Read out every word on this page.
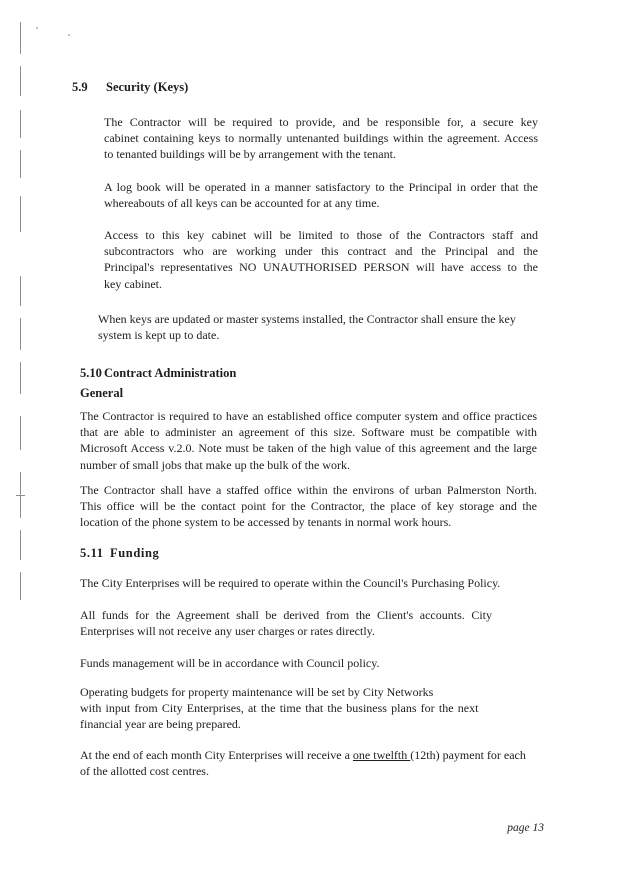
5.9 Security (Keys)
The Contractor will be required to provide, and be responsible for, a secure key
cabinet containing keys to normally untenanted buildings within the agreement. Access
to tenanted buildings will be by arrangement with the tenant.
A log book will be operated in a manner satisfactory to the Principal in order that the
whereabouts of all keys can be accounted for at any time.
Access to this key cabinet will be limited to those of the Contractors staff and
subcontractors who are working under this contract and the Principal and the
Principal's representatives NO UNAUTHORISED PERSON will have access to the
key cabinet.
When keys are updated or master systems installed, the Contractor shall ensure the key
system is kept up to date.
5.10 Contract Administration
General
The Contractor is required to have an established office computer system and office practices
that are able to administer an agreement of this size. Software must be compatible with
Microsoft Access v.2.0. Note must be taken of the high value of this agreement and the large
number of small jobs that make up the bulk of the work.
The Contractor shall have a staffed office within the environs of urban Palmerston North.
This office will be the contact point for the Contractor, the place of key storage and the
location of the phone system to be accessed by tenants in normal work hours.
5.11 Funding

The City Enterprises will be required to operate within the Council's Purchasing Policy.

All funds for the Agreement shall be derived from the Client's accounts. City
Enterprises will not receive any user charges or rates directly.

Funds management will be in accordance with Council policy.

Operating budgets for property maintenance will be set by City Networks
with input from City Enterprises, at the time that the business plans for the next
financial year are being prepared.
At the end of each month City Enterprises will receive a one twelfth (12th) payment for each
of the allotted cost centres.
page 13
